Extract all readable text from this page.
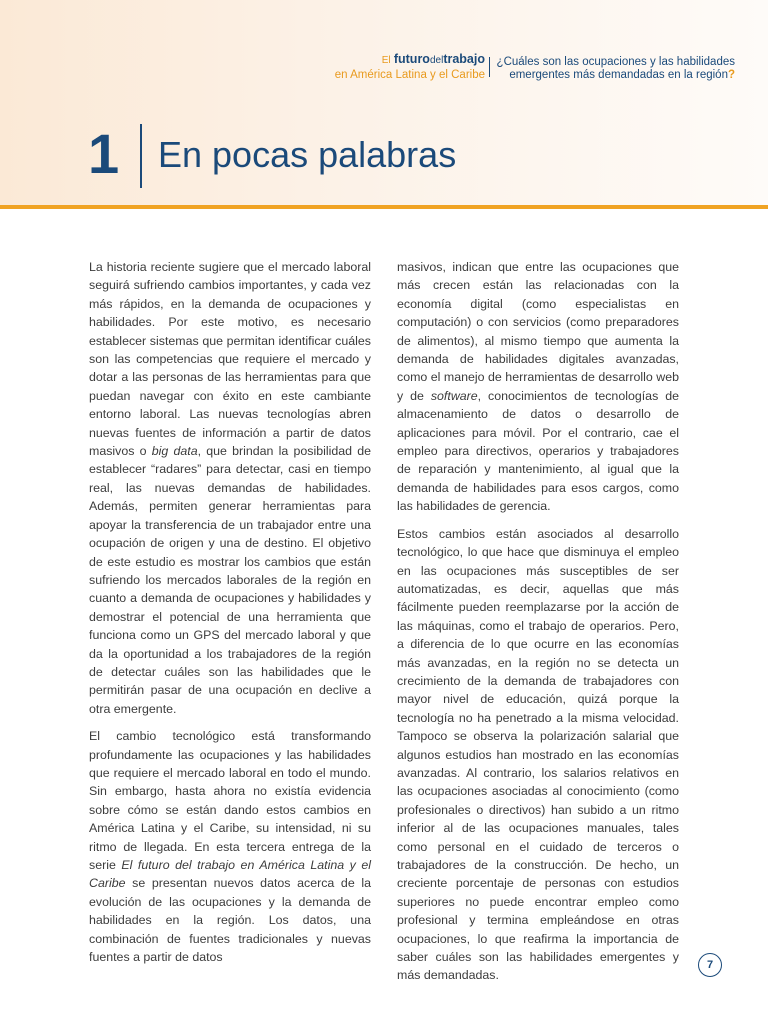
El futurodeltrabajo
en América Latina y el Caribe
¿Cuáles son las ocupaciones y las habilidades emergentes más demandadas en la región?
1 En pocas palabras

La historia reciente sugiere que el mercado laboral seguirá sufriendo cambios importantes, y cada vez más rápidos, en la demanda de ocupaciones y habilidades. Por este motivo, es necesario establecer sistemas que permitan identificar cuáles son las competencias que requiere el mercado y dotar a las personas de las herramientas para que puedan navegar con éxito en este cambiante entorno laboral. Las nuevas tecnologías abren nuevas fuentes de información a partir de datos masivos o big data, que brindan la posibilidad de establecer “radares” para detectar, casi en tiempo real, las nuevas demandas de habilidades. Además, permiten generar herramientas para apoyar la transferencia de un trabajador entre una ocupación de origen y una de destino. El objetivo de este estudio es mostrar los cambios que están sufriendo los mercados laborales de la región en cuanto a demanda de ocupaciones y habilidades y demostrar el potencial de una herramienta que funciona como un GPS del mercado laboral y que da la oportunidad a los trabajadores de la región de detectar cuáles son las habilidades que le permitirán pasar de una ocupación en declive a otra emergente.

El cambio tecnológico está transformando profundamente las ocupaciones y las habilidades que requiere el mercado laboral en todo el mundo. Sin embargo, hasta ahora no existía evidencia sobre cómo se están dando estos cambios en América Latina y el Caribe, su intensidad, ni su ritmo de llegada. En esta tercera entrega de la serie El futuro del trabajo en América Latina y el Caribe se presentan nuevos datos acerca de la evolución de las ocupaciones y la demanda de habilidades en la región. Los datos, una combinación de fuentes tradicionales y nuevas fuentes a partir de datos

masivos, indican que entre las ocupaciones que más crecen están las relacionadas con la economía digital (como especialistas en computación) o con servicios (como preparadores de alimentos), al mismo tiempo que aumenta la demanda de habilidades digitales avanzadas, como el manejo de herramientas de desarrollo web y de software, conocimientos de tecnologías de almacenamiento de datos o desarrollo de aplicaciones para móvil. Por el contrario, cae el empleo para directivos, operarios y trabajadores de reparación y mantenimiento, al igual que la demanda de habilidades para esos cargos, como las habilidades de gerencia.

Estos cambios están asociados al desarrollo tecnológico, lo que hace que disminuya el empleo en las ocupaciones más susceptibles de ser automatizadas, es decir, aquellas que más fácilmente pueden reemplazarse por la acción de las máquinas, como el trabajo de operarios. Pero, a diferencia de lo que ocurre en las economías más avanzadas, en la región no se detecta un crecimiento de la demanda de trabajadores con mayor nivel de educación, quizá porque la tecnología no ha penetrado a la misma velocidad. Tampoco se observa la polarización salarial que algunos estudios han mostrado en las economías avanzadas. Al contrario, los salarios relativos en las ocupaciones asociadas al conocimiento (como profesionales o directivos) han subido a un ritmo inferior al de las ocupaciones manuales, tales como personal en el cuidado de terceros o trabajadores de la construcción. De hecho, un creciente porcentaje de personas con estudios superiores no puede encontrar empleo como profesional y termina empleándose en otras ocupaciones, lo que reafirma la importancia de saber cuáles son las habilidades emergentes y más demandadas.

7
